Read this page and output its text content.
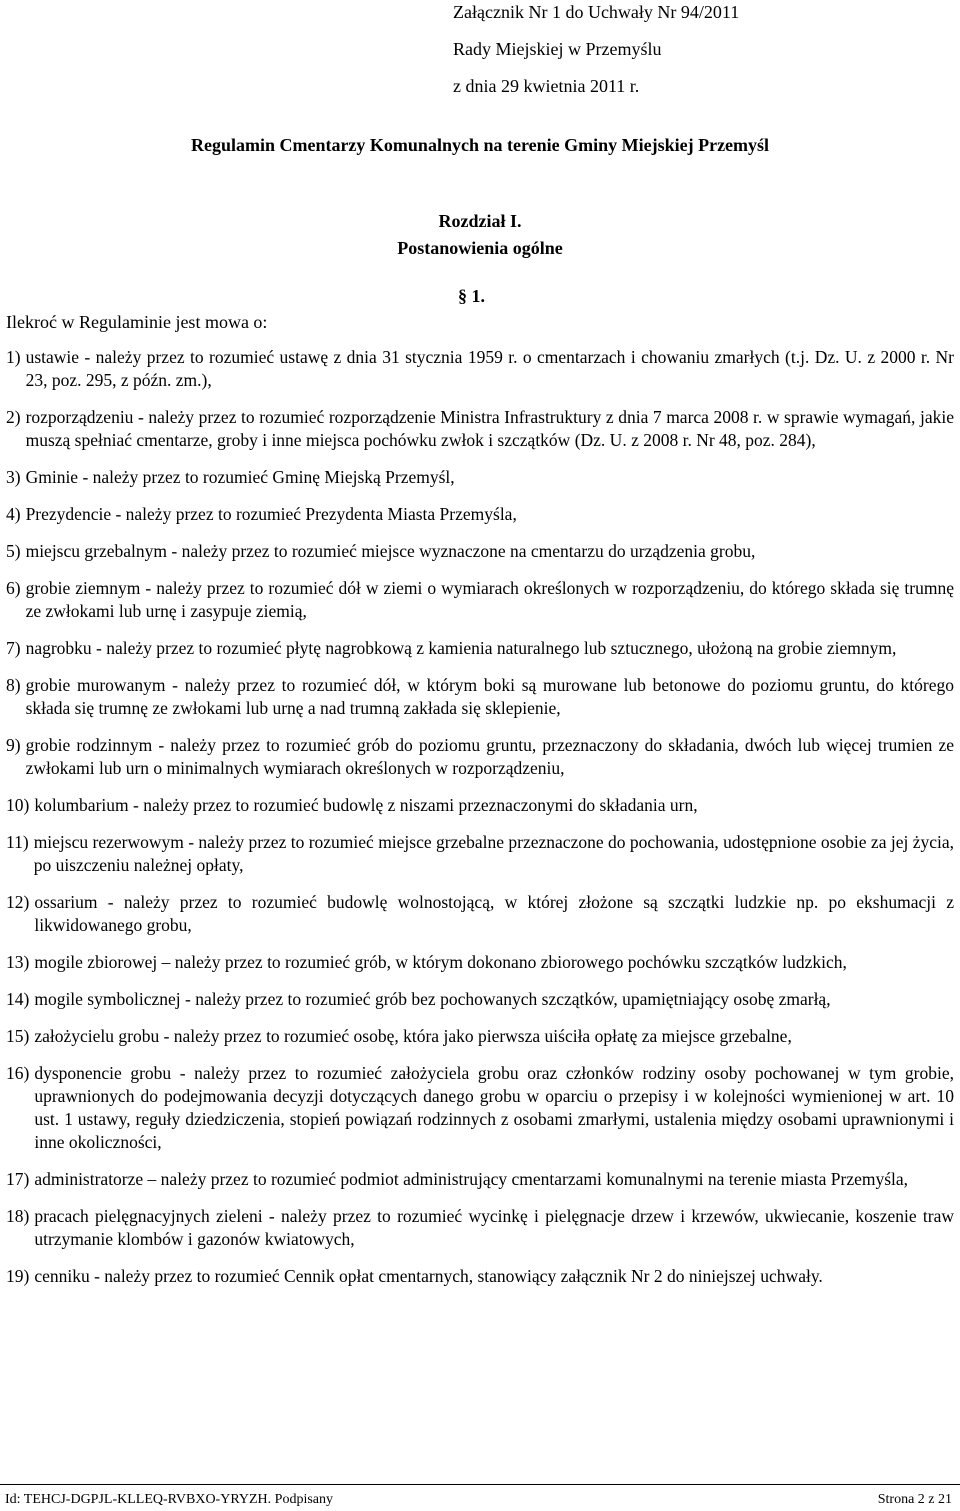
Załącznik Nr 1 do Uchwały Nr 94/2011
Rady Miejskiej w Przemyślu
z dnia 29 kwietnia 2011 r.
Regulamin Cmentarzy Komunalnych na terenie Gminy Miejskiej Przemyśl
Rozdział I.
Postanowienia ogólne
§ 1.
Ilekroć w Regulaminie jest mowa o:
1) ustawie - należy przez to rozumieć ustawę z dnia 31 stycznia 1959 r. o cmentarzach i chowaniu zmarłych (t.j. Dz. U. z 2000 r. Nr 23, poz. 295, z późn. zm.),
2) rozporządzeniu - należy przez to rozumieć rozporządzenie Ministra Infrastruktury z dnia 7 marca 2008 r. w sprawie wymagań, jakie muszą spełniać cmentarze, groby i inne miejsca pochówku zwłok i szczątków (Dz. U. z 2008 r. Nr 48, poz. 284),
3) Gminie - należy przez to rozumieć Gminę Miejską Przemyśl,
4) Prezydencie - należy przez to rozumieć Prezydenta Miasta Przemyśla,
5) miejscu grzebalnym - należy przez to rozumieć miejsce wyznaczone na cmentarzu do urządzenia grobu,
6) grobie ziemnym - należy przez to rozumieć dół w ziemi o wymiarach określonych w rozporządzeniu, do którego składa się trumnę ze zwłokami lub urnę i zasypuje ziemią,
7) nagrobku - należy przez to rozumieć płytę nagrobkową z kamienia naturalnego lub sztucznego, ułożoną na grobie ziemnym,
8) grobie murowanym - należy przez to rozumieć dół, w którym boki są murowane lub betonowe do poziomu gruntu, do którego składa się trumnę ze zwłokami lub urnę a nad trumną zakłada się sklepienie,
9) grobie rodzinnym - należy przez to rozumieć grób do poziomu gruntu, przeznaczony do składania, dwóch lub więcej trumien ze zwłokami lub urn o minimalnych wymiarach określonych w rozporządzeniu,
10) kolumbarium - należy przez to rozumieć budowlę z niszami przeznaczonymi do składania urn,
11) miejscu rezerwowym - należy przez to rozumieć miejsce grzebalne przeznaczone do pochowania, udostępnione osobie za jej życia, po uiszczeniu należnej opłaty,
12) ossarium - należy przez to rozumieć budowlę wolnostojącą, w której złożone są szczątki ludzkie np. po ekshumacji z likwidowanego grobu,
13) mogile zbiorowej – należy przez to rozumieć grób, w którym dokonano zbiorowego pochówku szczątków ludzkich,
14) mogile symbolicznej - należy przez to rozumieć grób bez pochowanych szczątków, upamiętniający osobę zmarłą,
15) założycielu grobu - należy przez to rozumieć osobę, która jako pierwsza uiściła opłatę za miejsce grzebalne,
16) dysponencie grobu - należy przez to rozumieć założyciela grobu oraz członków rodziny osoby pochowanej w tym grobie, uprawnionych do podejmowania decyzji dotyczących danego grobu w oparciu o przepisy i w kolejności wymienionej w art. 10 ust. 1 ustawy, reguły dziedziczenia, stopień powiązań rodzinnych z osobami zmarłymi, ustalenia między osobami uprawnionymi i inne okoliczności,
17) administratorze – należy przez to rozumieć podmiot administrujący cmentarzami komunalnymi na terenie miasta Przemyśla,
18) pracach pielęgnacyjnych zieleni - należy przez to rozumieć wycinkę i pielęgnacje drzew i krzewów, ukwiecanie, koszenie traw utrzymanie klombów i gazonów kwiatowych,
19) cenniku - należy przez to rozumieć Cennik opłat cmentarnych, stanowiący załącznik Nr 2 do niniejszej uchwały.
Id: TEHCJ-DGPJL-KLLEQ-RVBXO-YRYZH. Podpisany	Strona 2 z 21
